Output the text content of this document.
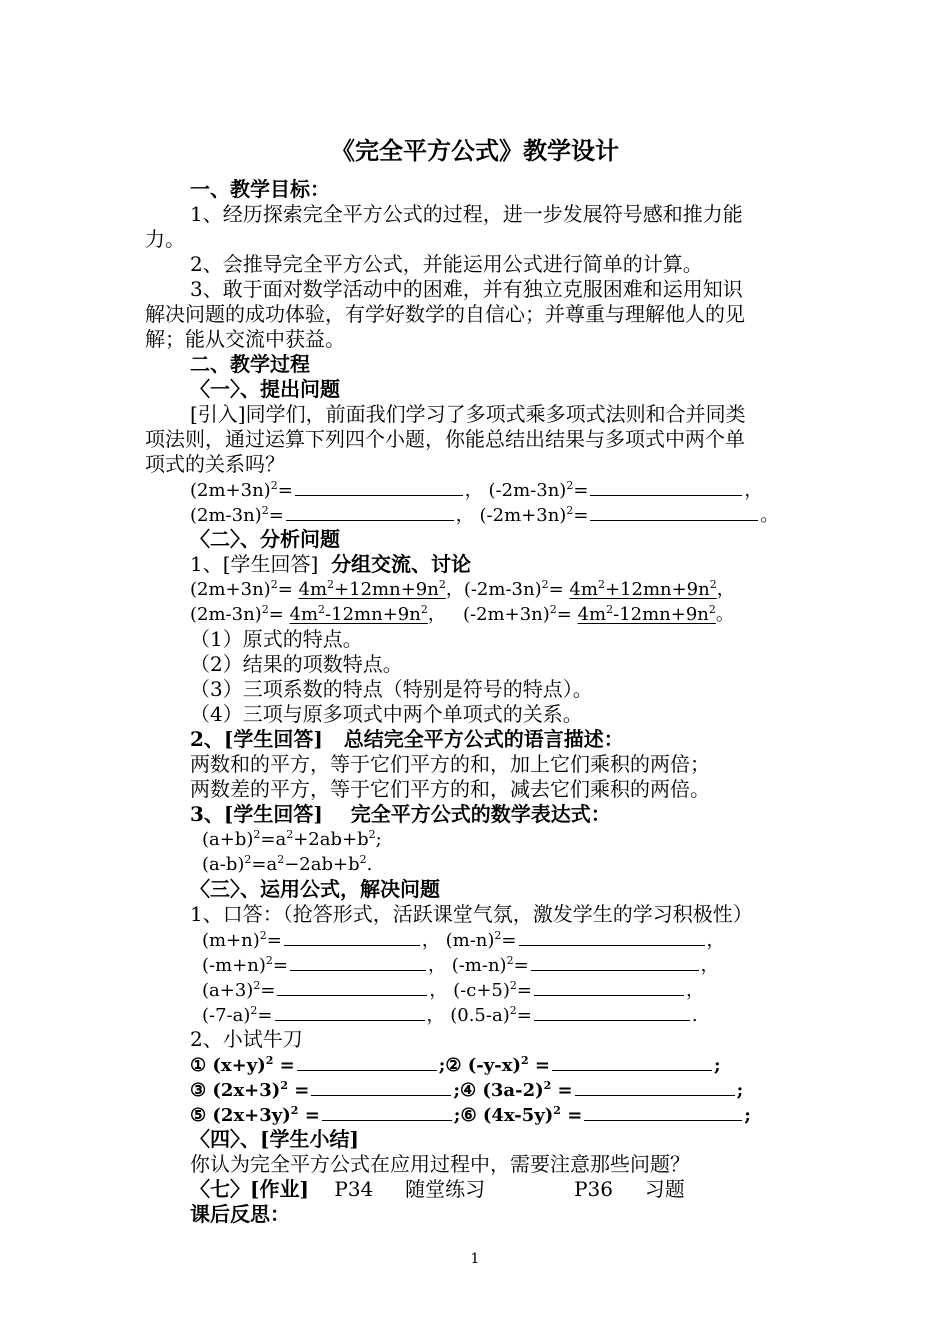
《完全平方公式》教学设计
一、教学目标：
1、经历探索完全平方公式的过程，进一步发展符号感和推力能
力。
2、会推导完全平方公式，并能运用公式进行简单的计算。
3、敢于面对数学活动中的困难，并有独立克服困难和运用知识
解决问题的成功体验，有学好数学的自信心；并尊重与理解他人的见
解；能从交流中获益。
二、教学过程
〈一〉、提出问题
[引入]同学们，前面我们学习了多项式乘多项式法则和合并同类
项法则，通过运算下列四个小题，你能总结出结果与多项式中两个单
项式的关系吗？
$(2m+3n)^2=$	， $(-2m-3n)^2=$	，
$(2m-3n)^2=$	， $(-2m+3n)^2=$	。
〈二〉、分析问题
1、[学生回答] 分组交流、讨论
$(2m+3n)^2= 4m^2+12mn+9n^2$，$(-2m-3n)^2= 4m^2+12mn+9n^2$，
$(2m-3n)^2= 4m^2-12mn+9n^2$，   $(-2m+3n)^2= 4m^2-12mn+9n^2$。
（1）原式的特点。
（2）结果的项数特点。
（3）三项系数的特点（特别是符号的特点）。
（4）三项与原多项式中两个单项式的关系。
2、[学生回答] 总结完全平方公式的语言描述：
两数和的平方，等于它们平方的和，加上它们乘积的两倍；
两数差的平方，等于它们平方的和，减去它们乘积的两倍。
3、[学生回答] 完全平方公式的数学表达式：
$(a+b)^2=a^2+2ab+b^2$;
$(a-b)^2=a^2-2ab+b^2$.
〈三〉、运用公式，解决问题
1、口答：（抢答形式，活跃课堂气氛，激发学生的学习积极性）
$(m+n)^2=$	， $(m-n)^2=$	，
$(-m+n)^2=$	， $(-m-n)^2=$	，
$(a+3)^2=$	， $(-c+5)^2=$	，
$(-7-a)^2=$	， $(0.5-a)^2=$	.
2、小试牛刀
① $(x+y)^2$ =	;② $(-y-x)^2$ =	;
③ $(2x+3)^2$ =	;④ $(3a-2)^2$ =	;
⑤ $(2x+3y)^2$ =	;⑥ $(4x-5y)^2$ =	;
〈四〉、[学生小结]
你认为完全平方公式在应用过程中，需要注意那些问题？
〈七〉[作业] P34 随堂练习	P36 习题
课后反思：
1
